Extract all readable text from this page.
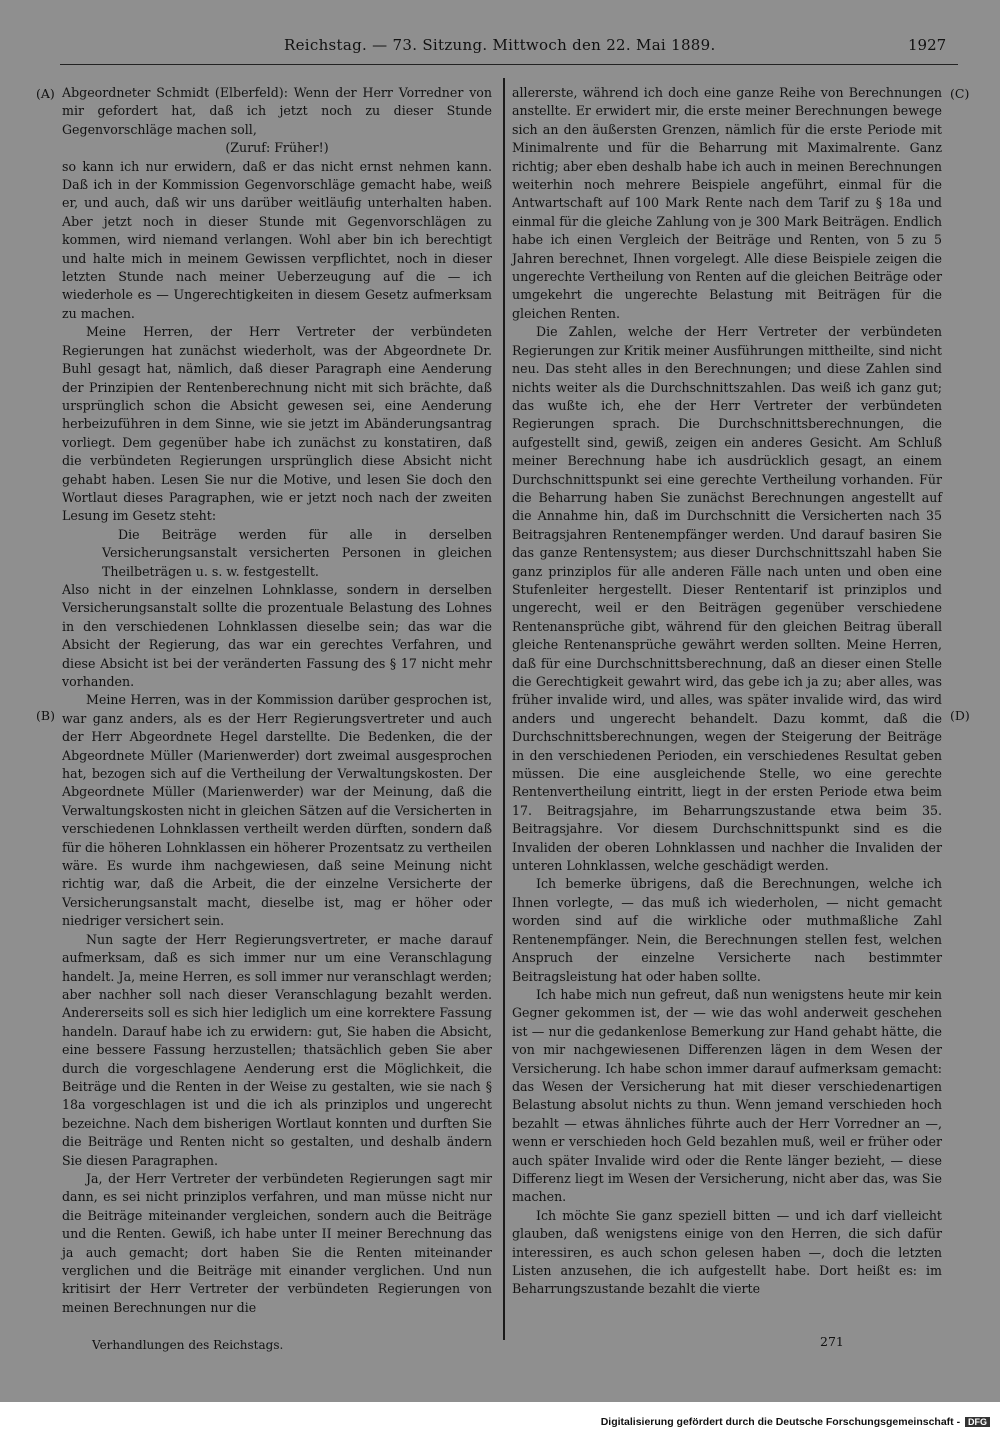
Reichstag. — 73. Sitzung. Mittwoch den 22. Mai 1889.	1927
(A)
(B)
(C)
(D)

Abgeordneter Schmidt (Elberfeld): Wenn der Herr Vorredner von mir gefordert hat, daß ich jetzt noch zu dieser Stunde Gegenvorschläge machen soll,

(Zuruf: Früher!)

so kann ich nur erwidern, daß er das nicht ernst nehmen kann. Daß ich in der Kommission Gegenvorschläge gemacht habe, weiß er, und auch, daß wir uns darüber weitläufig unterhalten haben. Aber jetzt noch in dieser Stunde mit Gegenvorschlägen zu kommen, wird niemand verlangen. Wohl aber bin ich berechtigt und halte mich in meinem Gewissen verpflichtet, noch in dieser letzten Stunde nach meiner Ueberzeugung auf die — ich wiederhole es — Ungerechtigkeiten in diesem Gesetz aufmerksam zu machen.

Meine Herren, der Herr Vertreter der verbündeten Regierungen hat zunächst wiederholt, was der Abgeordnete Dr. Buhl gesagt hat, nämlich, daß dieser Paragraph eine Aenderung der Prinzipien der Rentenberechnung nicht mit sich brächte, daß ursprünglich schon die Absicht gewesen sei, eine Aenderung herbeizuführen in dem Sinne, wie sie jetzt im Abänderungsantrag vorliegt. Dem gegenüber habe ich zunächst zu konstatiren, daß die verbündeten Regierungen ursprünglich diese Absicht nicht gehabt haben. Lesen Sie nur die Motive, und lesen Sie doch den Wortlaut dieses Paragraphen, wie er jetzt noch nach der zweiten Lesung im Gesetz steht:

Die Beiträge werden für alle in derselben Versicherungsanstalt versicherten Personen in gleichen Theilbeträgen u. s. w. festgestellt.

Also nicht in der einzelnen Lohnklasse, sondern in derselben Versicherungsanstalt sollte die prozentuale Belastung des Lohnes in den verschiedenen Lohnklassen dieselbe sein; das war die Absicht der Regierung, das war ein gerechtes Verfahren, und diese Absicht ist bei der veränderten Fassung des § 17 nicht mehr vorhanden.

Meine Herren, was in der Kommission darüber gesprochen ist, war ganz anders, als es der Herr Regierungsvertreter und auch der Herr Abgeordnete Hegel darstellte. Die Bedenken, die der Abgeordnete Müller (Marienwerder) dort zweimal ausgesprochen hat, bezogen sich auf die Vertheilung der Verwaltungskosten. Der Abgeordnete Müller (Marienwerder) war der Meinung, daß die Verwaltungskosten nicht in gleichen Sätzen auf die Versicherten in verschiedenen Lohnklassen vertheilt werden dürften, sondern daß für die höheren Lohnklassen ein höherer Prozentsatz zu vertheilen wäre. Es wurde ihm nachgewiesen, daß seine Meinung nicht richtig war, daß die Arbeit, die der einzelne Versicherte der Versicherungsanstalt macht, dieselbe ist, mag er höher oder niedriger versichert sein.

Nun sagte der Herr Regierungsvertreter, er mache darauf aufmerksam, daß es sich immer nur um eine Veranschlagung handelt. Ja, meine Herren, es soll immer nur veranschlagt werden; aber nachher soll nach dieser Veranschlagung bezahlt werden. Andererseits soll es sich hier lediglich um eine korrektere Fassung handeln. Darauf habe ich zu erwidern: gut, Sie haben die Absicht, eine bessere Fassung herzustellen; thatsächlich geben Sie aber durch die vorgeschlagene Aenderung erst die Möglichkeit, die Beiträge und die Renten in der Weise zu gestalten, wie sie nach § 18a vorgeschlagen ist und die ich als prinziplos und ungerecht bezeichne. Nach dem bisherigen Wortlaut konnten und durften Sie die Beiträge und Renten nicht so gestalten, und deshalb ändern Sie diesen Paragraphen.

Ja, der Herr Vertreter der verbündeten Regierungen sagt mir dann, es sei nicht prinziplos verfahren, und man müsse nicht nur die Beiträge miteinander vergleichen, sondern auch die Beiträge und die Renten. Gewiß, ich habe unter II meiner Berechnung das ja auch gemacht; dort haben Sie die Renten miteinander verglichen und die Beiträge mit einander verglichen. Und nun kritisirt der Herr Vertreter der verbündeten Regierungen von meinen Berechnungen nur die

allererste, während ich doch eine ganze Reihe von Berechnungen anstellte. Er erwidert mir, die erste meiner Berechnungen bewege sich an den äußersten Grenzen, nämlich für die erste Periode mit Minimalrente und für die Beharrung mit Maximalrente. Ganz richtig; aber eben deshalb habe ich auch in meinen Berechnungen weiterhin noch mehrere Beispiele angeführt, einmal für die Antwartschaft auf 100 Mark Rente nach dem Tarif zu § 18a und einmal für die gleiche Zahlung von je 300 Mark Beiträgen. Endlich habe ich einen Vergleich der Beiträge und Renten, von 5 zu 5 Jahren berechnet, Ihnen vorgelegt. Alle diese Beispiele zeigen die ungerechte Vertheilung von Renten auf die gleichen Beiträge oder umgekehrt die ungerechte Belastung mit Beiträgen für die gleichen Renten.

Die Zahlen, welche der Herr Vertreter der verbündeten Regierungen zur Kritik meiner Ausführungen mittheilte, sind nicht neu. Das steht alles in den Berechnungen; und diese Zahlen sind nichts weiter als die Durchschnittszahlen. Das weiß ich ganz gut; das wußte ich, ehe der Herr Vertreter der verbündeten Regierungen sprach. Die Durchschnittsberechnungen, die aufgestellt sind, gewiß, zeigen ein anderes Gesicht. Am Schluß meiner Berechnung habe ich ausdrücklich gesagt, an einem Durchschnittspunkt sei eine gerechte Vertheilung vorhanden. Für die Beharrung haben Sie zunächst Berechnungen angestellt auf die Annahme hin, daß im Durchschnitt die Versicherten nach 35 Beitragsjahren Rentenempfänger werden. Und darauf basiren Sie das ganze Rentensystem; aus dieser Durchschnittszahl haben Sie ganz prinziplos für alle anderen Fälle nach unten und oben eine Stufenleiter hergestellt. Dieser Rententarif ist prinziplos und ungerecht, weil er den Beiträgen gegenüber verschiedene Rentenansprüche gibt, während für den gleichen Beitrag überall gleiche Rentenansprüche gewährt werden sollten. Meine Herren, daß für eine Durchschnittsberechnung, daß an dieser einen Stelle die Gerechtigkeit gewahrt wird, das gebe ich ja zu; aber alles, was früher invalide wird, und alles, was später invalide wird, das wird anders und ungerecht behandelt. Dazu kommt, daß die Durchschnittsberechnungen, wegen der Steigerung der Beiträge in den verschiedenen Perioden, ein verschiedenes Resultat geben müssen. Die eine ausgleichende Stelle, wo eine gerechte Rentenvertheilung eintritt, liegt in der ersten Periode etwa beim 17. Beitragsjahre, im Beharrungszustande etwa beim 35. Beitragsjahre. Vor diesem Durchschnittspunkt sind es die Invaliden der oberen Lohnklassen und nachher die Invaliden der unteren Lohnklassen, welche geschädigt werden.

Ich bemerke übrigens, daß die Berechnungen, welche ich Ihnen vorlegte, — das muß ich wiederholen, — nicht gemacht worden sind auf die wirkliche oder muthmaßliche Zahl Rentenempfänger. Nein, die Berechnungen stellen fest, welchen Anspruch der einzelne Versicherte nach bestimmter Beitragsleistung hat oder haben sollte.

Ich habe mich nun gefreut, daß nun wenigstens heute mir kein Gegner gekommen ist, der — wie das wohl anderweit geschehen ist — nur die gedankenlose Bemerkung zur Hand gehabt hätte, die von mir nachgewiesenen Differenzen lägen in dem Wesen der Versicherung. Ich habe schon immer darauf aufmerksam gemacht: das Wesen der Versicherung hat mit dieser verschiedenartigen Belastung absolut nichts zu thun. Wenn jemand verschieden hoch bezahlt — etwas ähnliches führte auch der Herr Vorredner an —, wenn er verschieden hoch Geld bezahlen muß, weil er früher oder auch später Invalide wird oder die Rente länger bezieht, — diese Differenz liegt im Wesen der Versicherung, nicht aber das, was Sie machen.

Ich möchte Sie ganz speziell bitten — und ich darf vielleicht glauben, daß wenigstens einige von den Herren, die sich dafür interessiren, es auch schon gelesen haben —, doch die letzten Listen anzusehen, die ich aufgestellt habe. Dort heißt es: im Beharrungszustande bezahlt die vierte

Verhandlungen des Reichstags.	271
Digitalisierung gefördert durch die Deutsche Forschungsgemeinschaft - DFG
